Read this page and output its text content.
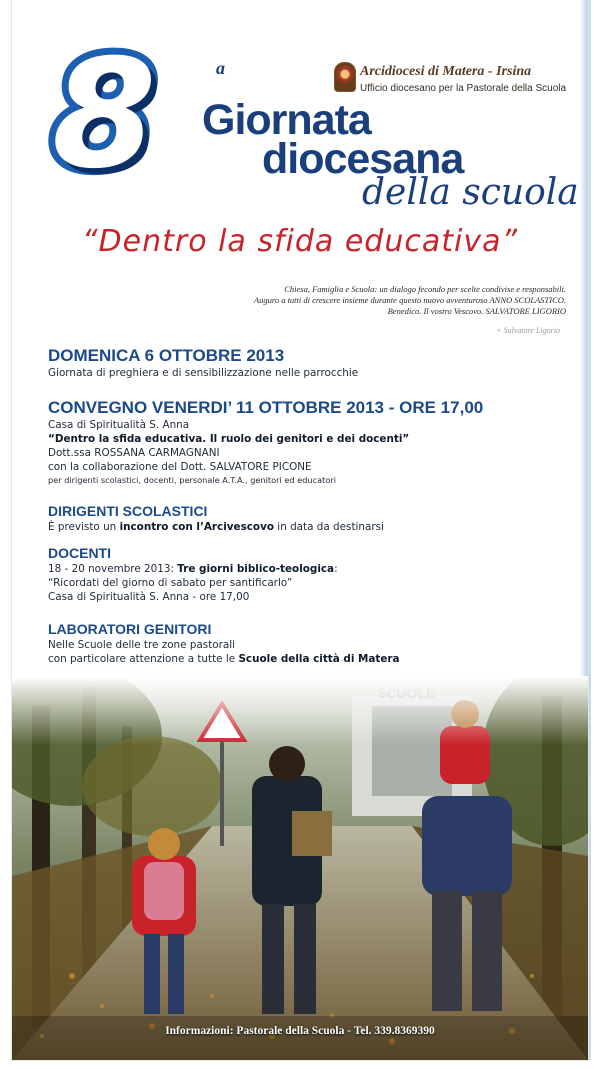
8	a	Arcidiocesi di Matera - Irsina
Ufficio diocesano per la Pastorale della Scuola
Giornata
diocesana
della scuola
“Dentro la sfida educativa”
Chiesa, Famiglia e Scuola: un dialogo fecondo per scelte condivise e responsabili.
Auguro a tutti di crescere insieme durante questo nuovo avventuroso ANNO SCOLASTICO.
Benedico. Il vostro Vescovo. SALVATORE LIGORIO
+ Salvatore Ligorio
DOMENICA 6 OTTOBRE 2013
Giornata di preghiera e di sensibilizzazione nelle parrocchie
CONVEGNO VENERDI’ 11 OTTOBRE 2013 - ORE 17,00
Casa di Spiritualità S. Anna
“Dentro la sfida educativa. Il ruolo dei genitori e dei docenti”
Dott.ssa ROSSANA CARMAGNANI
con la collaborazione del Dott. SALVATORE PICONE
per dirigenti scolastici, docenti, personale A.T.A., genitori ed educatori
DIRIGENTI SCOLASTICI
È previsto un incontro con l’Arcivescovo in data da destinarsi
DOCENTI
18 - 20 novembre 2013: Tre giorni biblico-teologica:
“Ricordati del giorno di sabato per santificarlo”
Casa di Spiritualità S. Anna - ore 17,00
LABORATORI GENITORI
Nelle Scuole delle tre zone pastorali
con particolare attenzione a tutte le Scuole della città di Matera
Informazioni: Pastorale della Scuola - Tel. 339.8369390
